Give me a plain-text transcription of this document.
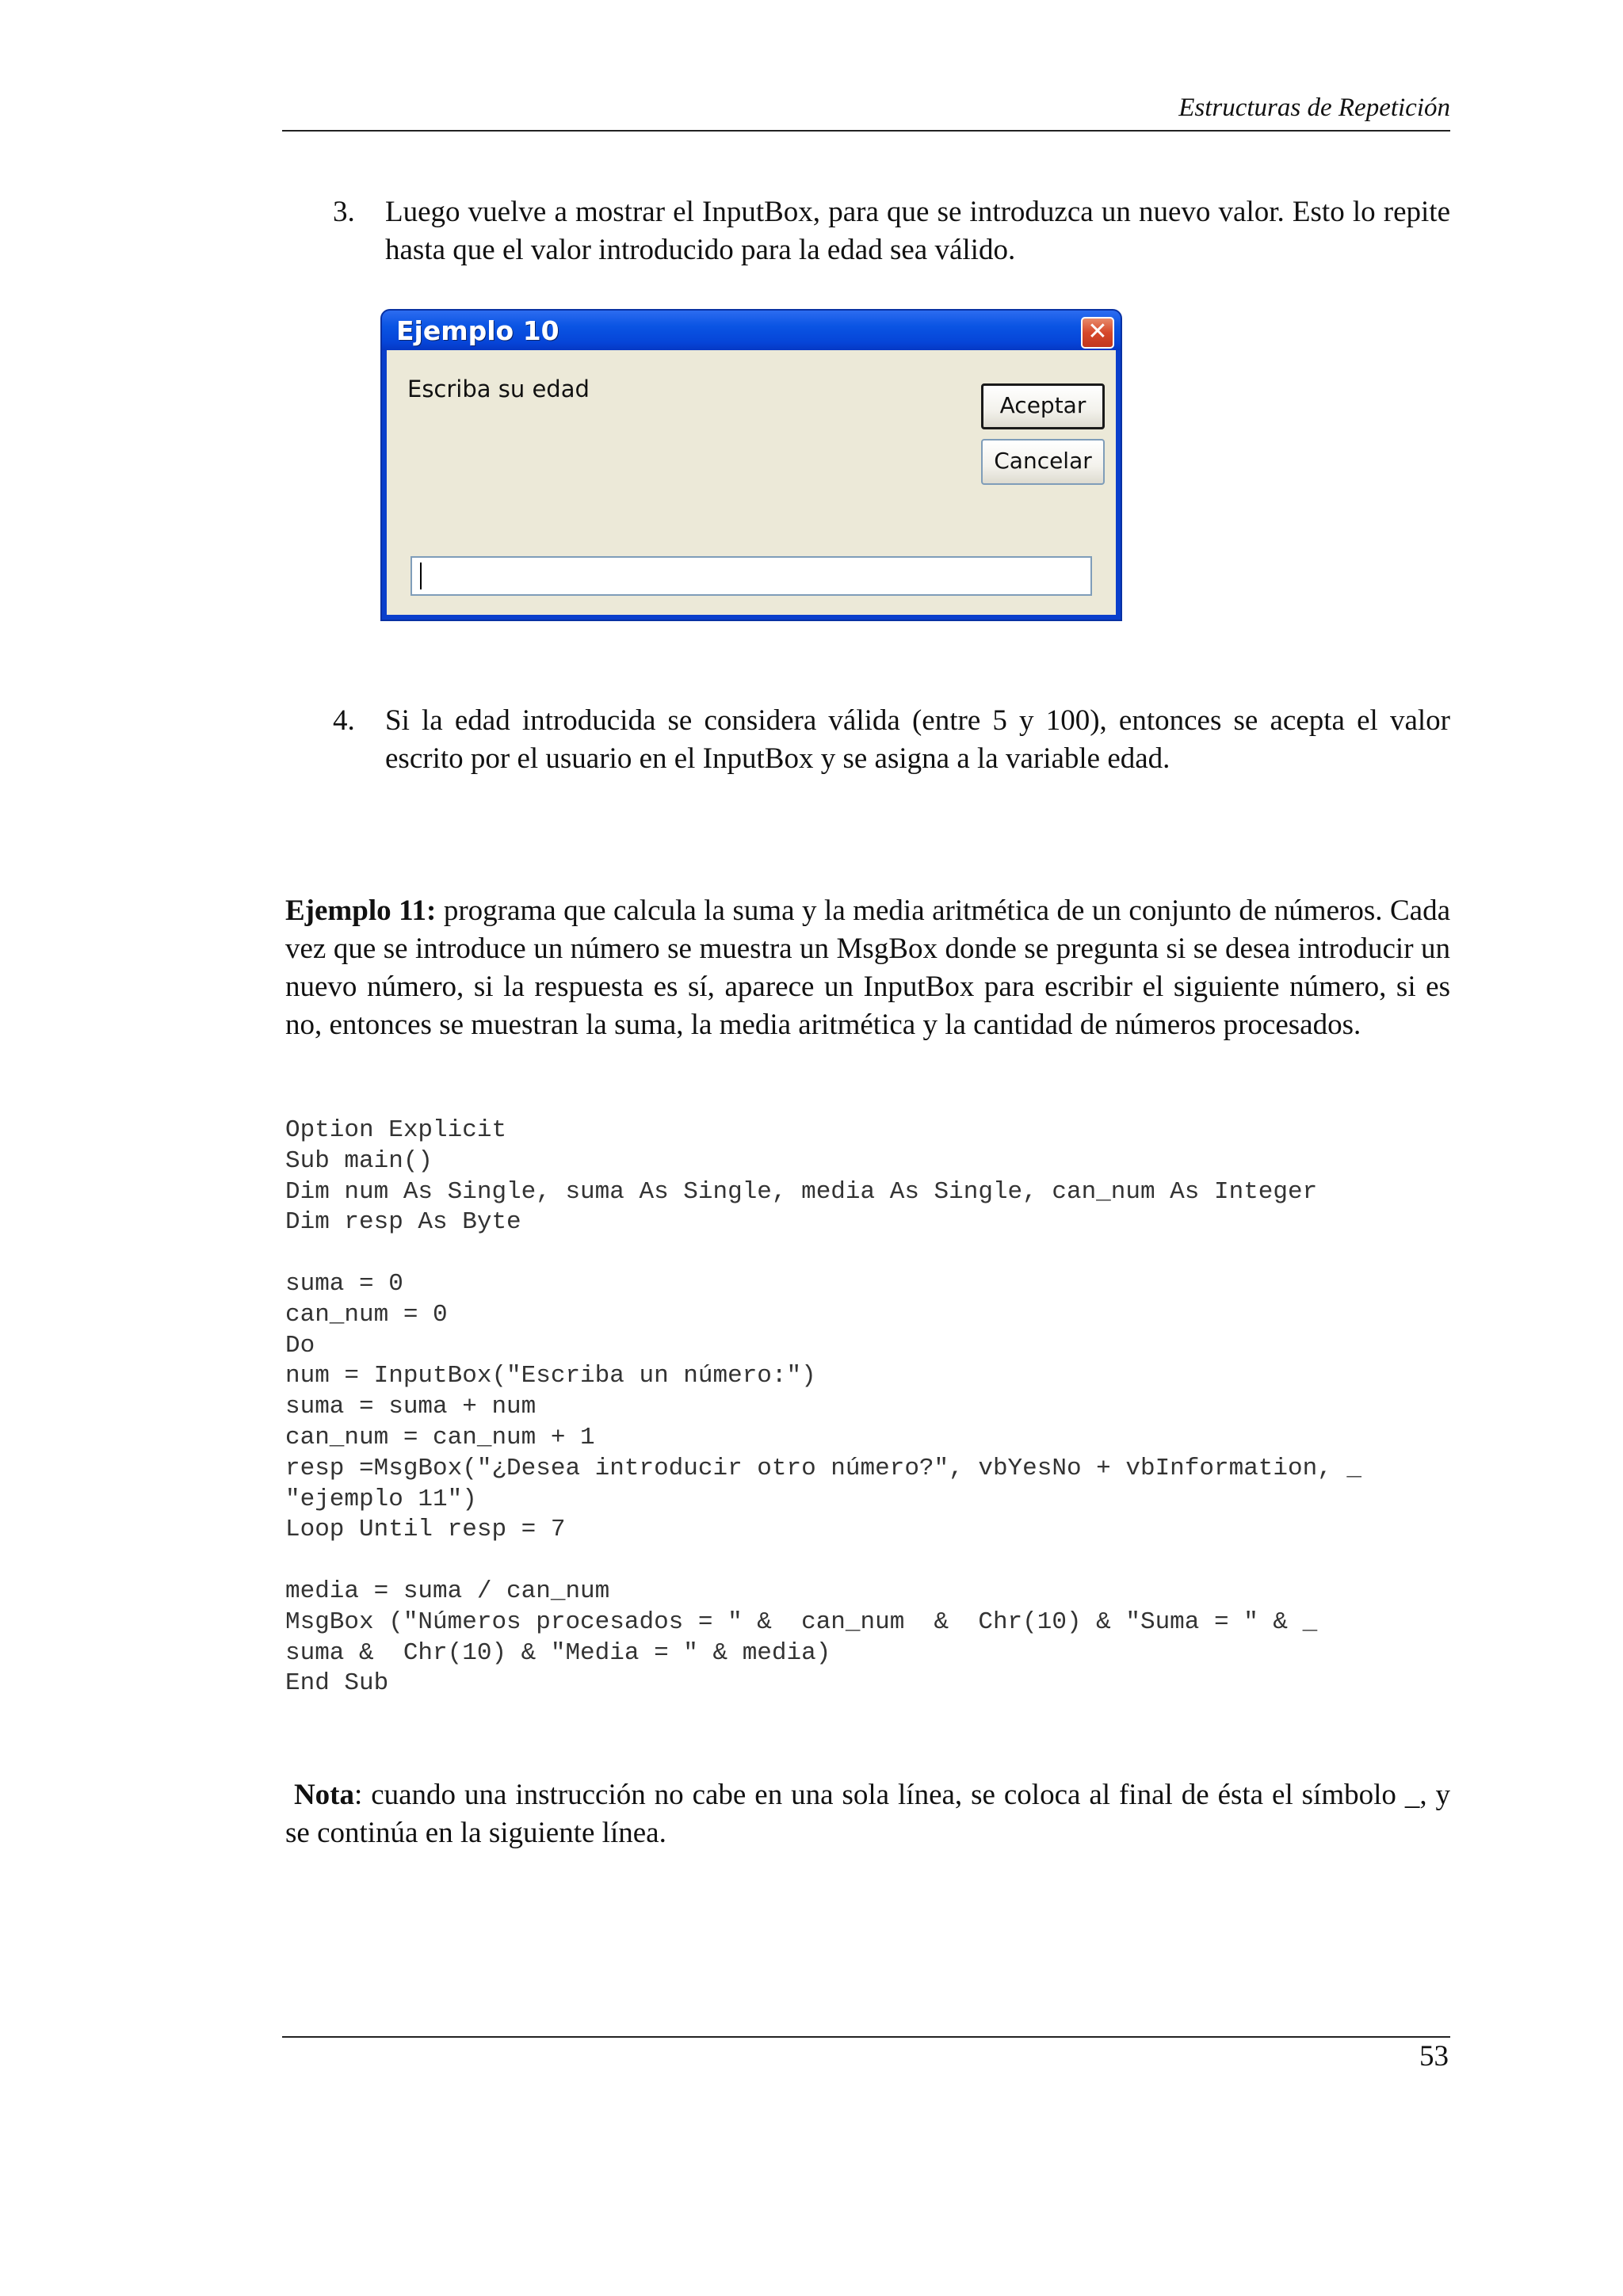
Estructuras de Repetición
3. Luego vuelve a mostrar el InputBox, para que se introduzca un nuevo valor. Esto lo repite hasta que el valor introducido para la edad sea válido.
Ejemplo 10	✕
Escriba su edad
Aceptar
Cancelar
4. Si la edad introducida se considera válida (entre 5 y 100), entonces se acepta el valor escrito por el usuario en el InputBox y se asigna a la variable edad.
Ejemplo 11: programa que calcula la suma y la media aritmética de un conjunto de números. Cada vez que se introduce un número se muestra un MsgBox donde se pregunta si se desea introducir un nuevo número, si la respuesta es sí, aparece un InputBox para escribir el siguiente número, si es no, entonces se muestran la suma, la media aritmética y la cantidad de números procesados.
Option Explicit
Sub main()
Dim num As Single, suma As Single, media As Single, can_num As Integer
Dim resp As Byte

suma = 0
can_num = 0
Do
num = InputBox("Escriba un número:")
suma = suma + num
can_num = can_num + 1
resp =MsgBox("¿Desea introducir otro número?", vbYesNo + vbInformation, _
"ejemplo 11")
Loop Until resp = 7

media = suma / can_num
MsgBox ("Números procesados = " &  can_num  &  Chr(10) & "Suma = " & _
suma &  Chr(10) & "Media = " & media)
End Sub
Nota: cuando una instrucción no cabe en una sola línea, se coloca al final de ésta el símbolo _, y se continúa en la siguiente línea.
53
